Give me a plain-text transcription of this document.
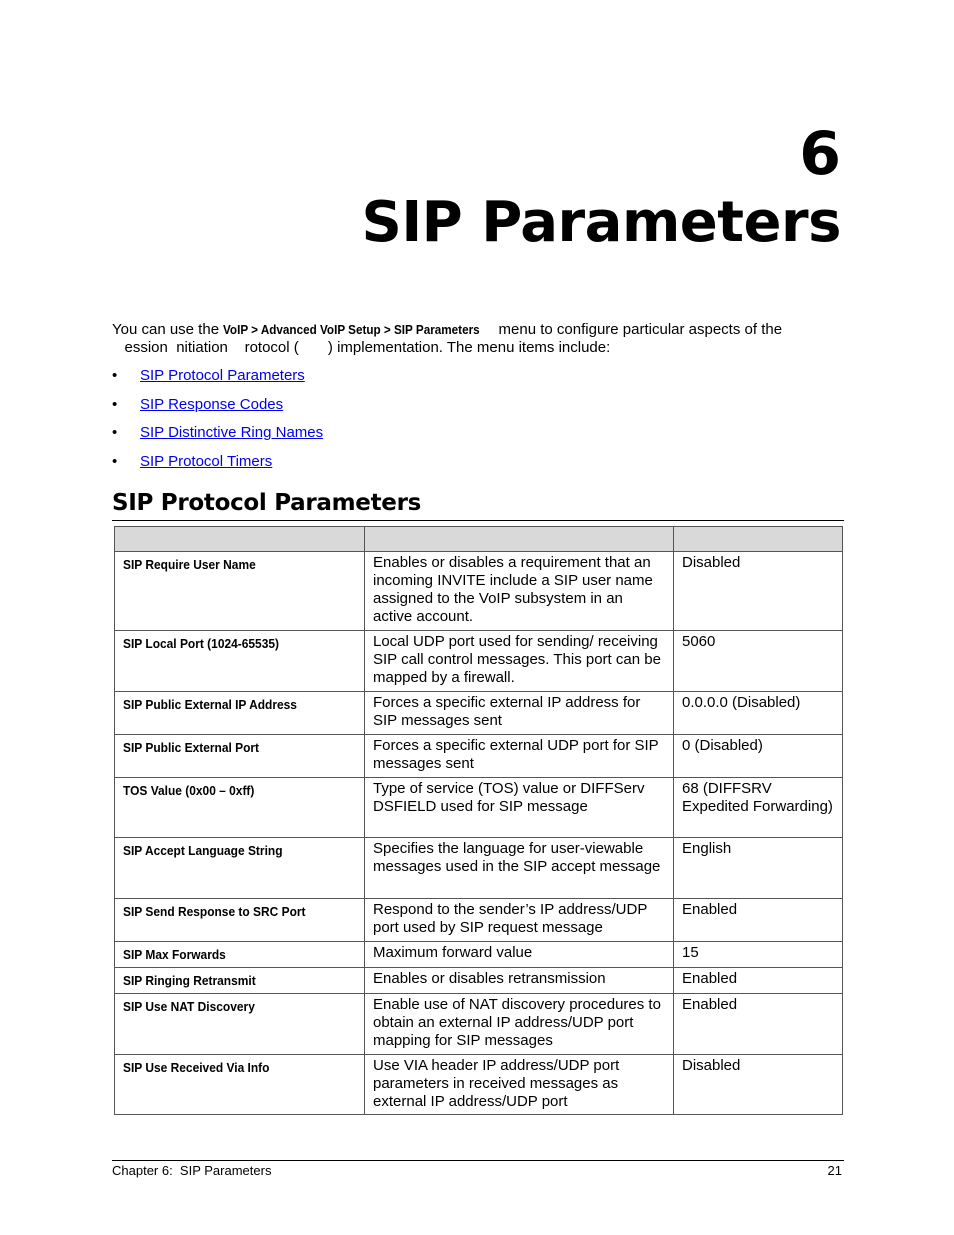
6
SIP Parameters

You can use the VoIP > Advanced VoIP Setup > SIP Parameters menu to configure particular aspects of the
ession  nitiation    rotocol (       ) implementation. The menu items include:

• SIP Protocol Parameters
• SIP Response Codes
• SIP Distinctive Ring Names
• SIP Protocol Timers
SIP Protocol Parameters

SIP Require User Name	Enables or disables a requirement that an incoming INVITE include a SIP user name assigned to the VoIP subsystem in an active account.	Disabled
SIP Local Port (1024-65535)	Local UDP port used for sending/ receiving SIP call control messages. This port can be mapped by a firewall.	5060
SIP Public External IP Address	Forces a specific external IP address for SIP messages sent	0.0.0.0 (Disabled)
SIP Public External Port	Forces a specific external UDP port for SIP messages sent	0 (Disabled)
TOS Value (0x00 – 0xff)	Type of service (TOS) value or DIFFServ DSFIELD used for SIP message	68 (DIFFSRV Expedited Forwarding)
SIP Accept Language String	Specifies the language for user-viewable messages used in the SIP accept message	English
SIP Send Response to SRC Port	Respond to the sender’s IP address/UDP port used by SIP request message	Enabled
SIP Max Forwards	Maximum forward value	15
SIP Ringing Retransmit	Enables or disables retransmission	Enabled
SIP Use NAT Discovery	Enable use of NAT discovery procedures to obtain an external IP address/UDP port mapping for SIP messages	Enabled
SIP Use Received Via Info	Use VIA header IP address/UDP port parameters in received messages as external IP address/UDP port	Disabled

Chapter 6:  SIP Parameters	21
